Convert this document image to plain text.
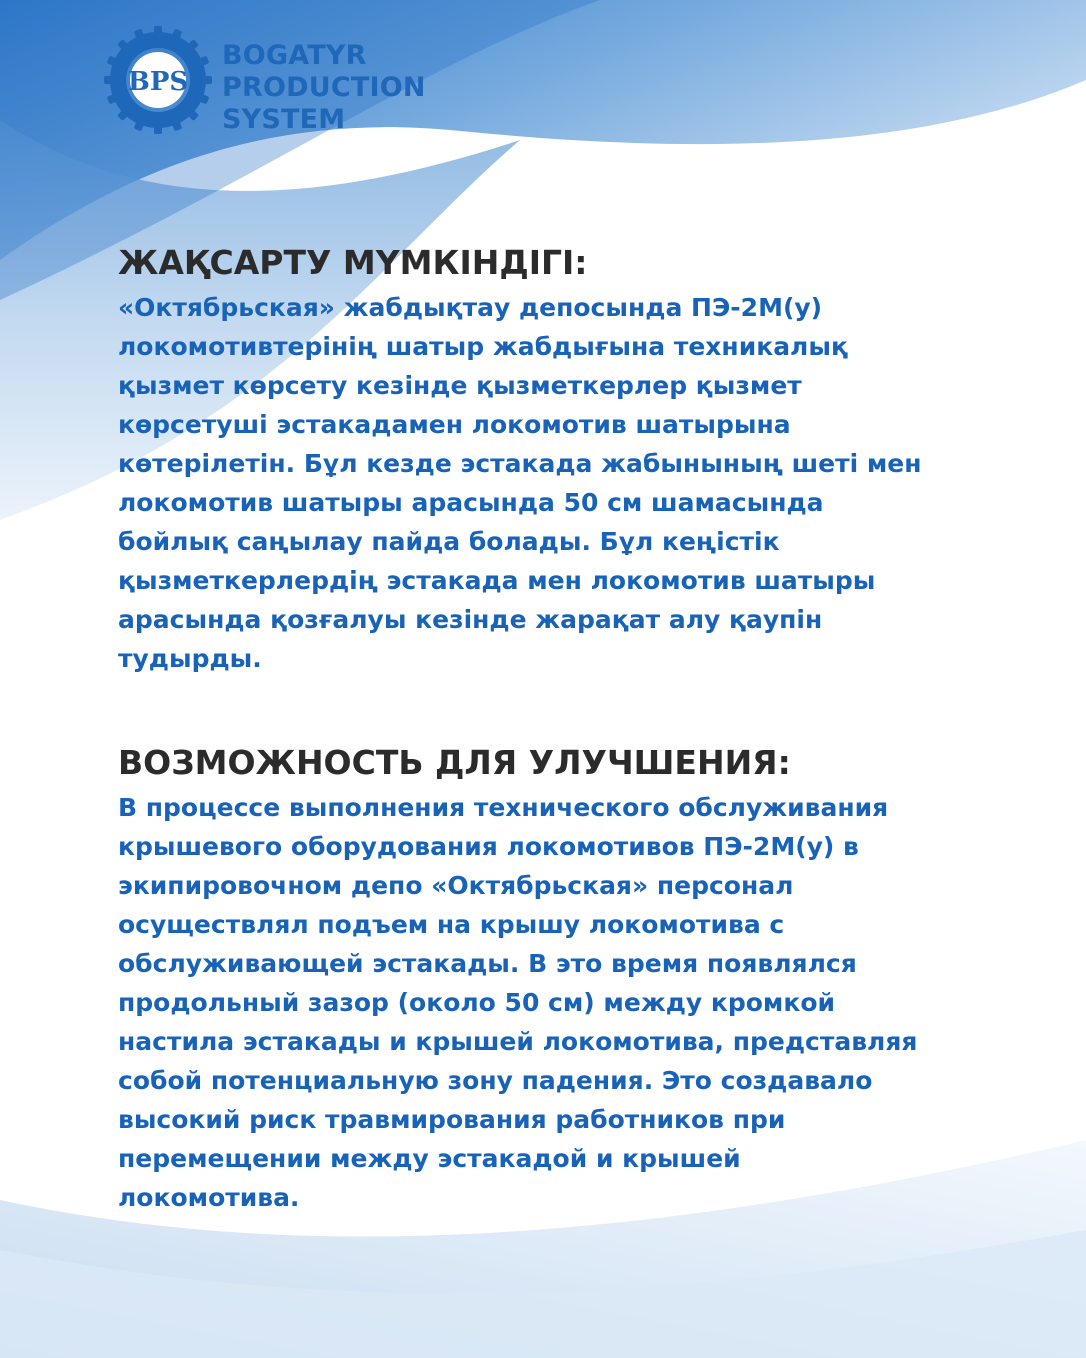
BPS
BOGATYR
PRODUCTION
SYSTEM
ЖАҚСАРТУ МҮМКІНДІГІ:

«Октябрьская» жабдықтау депосында ПЭ-2М(у)
локомотивтерінің шатыр жабдығына техникалық
қызмет көрсету кезінде қызметкерлер қызмет
көрсетуші эстакадамен локомотив шатырына
көтерілетін. Бұл кезде эстакада жабынының шеті мен
локомотив шатыры арасында 50 см шамасында
бойлық саңылау пайда болады. Бұл кеңістік
қызметкерлердің эстакада мен локомотив шатыры
арасында қозғалуы кезінде жарақат алу қаупін
тудырды.

ВОЗМОЖНОСТЬ ДЛЯ УЛУЧШЕНИЯ:

В процессе выполнения технического обслуживания
крышевого оборудования локомотивов ПЭ-2М(у) в
экипировочном депо «Октябрьская» персонал
осуществлял подъем на крышу локомотива с
обслуживающей эстакады. В это время появлялся
продольный зазор (около 50 см) между кромкой
настила эстакады и крышей локомотива, представляя
собой потенциальную зону падения. Это создавало
высокий риск травмирования работников при
перемещении между эстакадой и крышей
локомотива.
